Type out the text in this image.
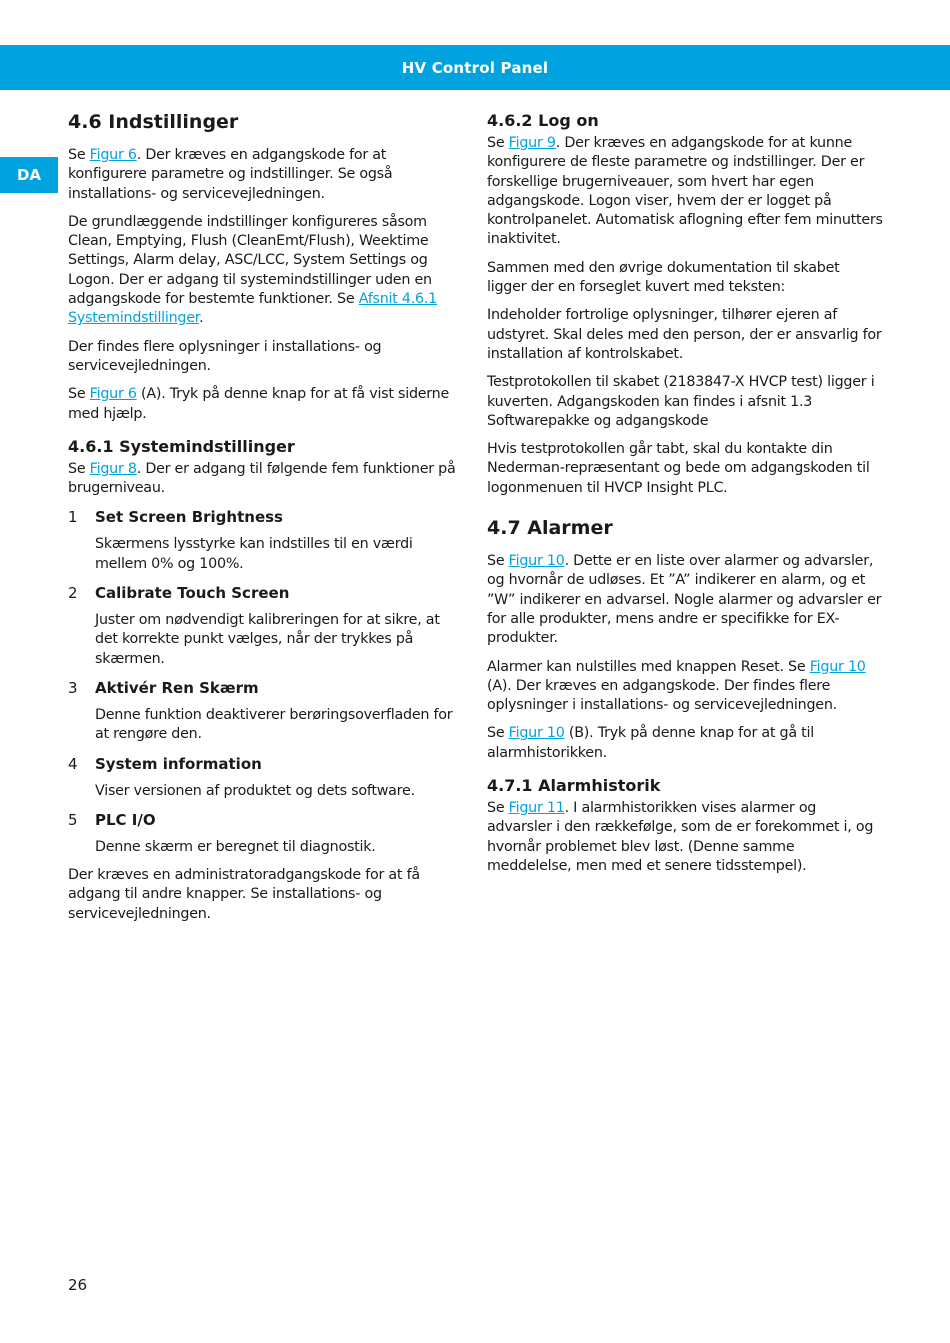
HV Control Panel
DA
4.6 Indstillinger

Se Figur 6. Der kræves en adgangskode for at konfigurere parametre og indstillinger. Se også installations- og servicevejledningen.

De grundlæggende indstillinger konfigureres såsom Clean, Emptying, Flush (CleanEmt/Flush), Weektime Settings, Alarm delay, ASC/LCC, System Settings og Logon. Der er adgang til systemindstillinger uden en adgangskode for bestemte funktioner. Se Afsnit 4.6.1 Systemindstillinger.

Der findes flere oplysninger i installations- og servicevejledningen.

Se Figur 6 (A). Tryk på denne knap for at få vist siderne med hjælp.

4.6.1 Systemindstillinger

Se Figur 8. Der er adgang til følgende fem funktioner på brugerniveau.

1	Set Screen Brightness

Skærmens lysstyrke kan indstilles til en værdi mellem 0% og 100%.

2	Calibrate Touch Screen

Juster om nødvendigt kalibreringen for at sikre, at det korrekte punkt vælges, når der trykkes på skærmen.

3	Aktivér Ren Skærm

Denne funktion deaktiverer berøringsoverfladen for at rengøre den.

4	System information

Viser versionen af produktet og dets software.

5	PLC I/O

Denne skærm er beregnet til diagnostik.

Der kræves en administratoradgangskode for at få adgang til andre knapper. Se installations- og servicevejledningen.

4.6.2 Log on

Se Figur 9. Der kræves en adgangskode for at kunne konfigurere de fleste parametre og indstillinger. Der er forskellige brugerniveauer, som hvert har egen adgangskode. Logon viser, hvem der er logget på kontrolpanelet. Automatisk aflogning efter fem minutters inaktivitet.

Sammen med den øvrige dokumentation til skabet ligger der en forseglet kuvert med teksten:

Indeholder fortrolige oplysninger, tilhører ejeren af udstyret. Skal deles med den person, der er ansvarlig for installation af kontrolskabet.

Testprotokollen til skabet (2183847-X HVCP test) ligger i kuverten. Adgangskoden kan findes i afsnit 1.3 Softwarepakke og adgangskode

Hvis testprotokollen går tabt, skal du kontakte din Nederman-repræsentant og bede om adgangskoden til logonmenuen til HVCP Insight PLC.

4.7 Alarmer

Se Figur 10. Dette er en liste over alarmer og advarsler, og hvornår de udløses. Et ”A” indikerer en alarm, og et ”W” indikerer en advarsel. Nogle alarmer og advarsler er for alle produkter, mens andre er specifikke for EX-produkter.

Alarmer kan nulstilles med knappen Reset. Se Figur 10 (A). Der kræves en adgangskode. Der findes flere oplysninger i installations- og servicevejledningen.

Se Figur 10 (B). Tryk på denne knap for at gå til alarmhistorikken.

4.7.1 Alarmhistorik

Se Figur 11. I alarmhistorikken vises alarmer og advarsler i den rækkefølge, som de er forekommet i, og hvornår problemet blev løst. (Denne samme meddelelse, men med et senere tidsstempel).

26
